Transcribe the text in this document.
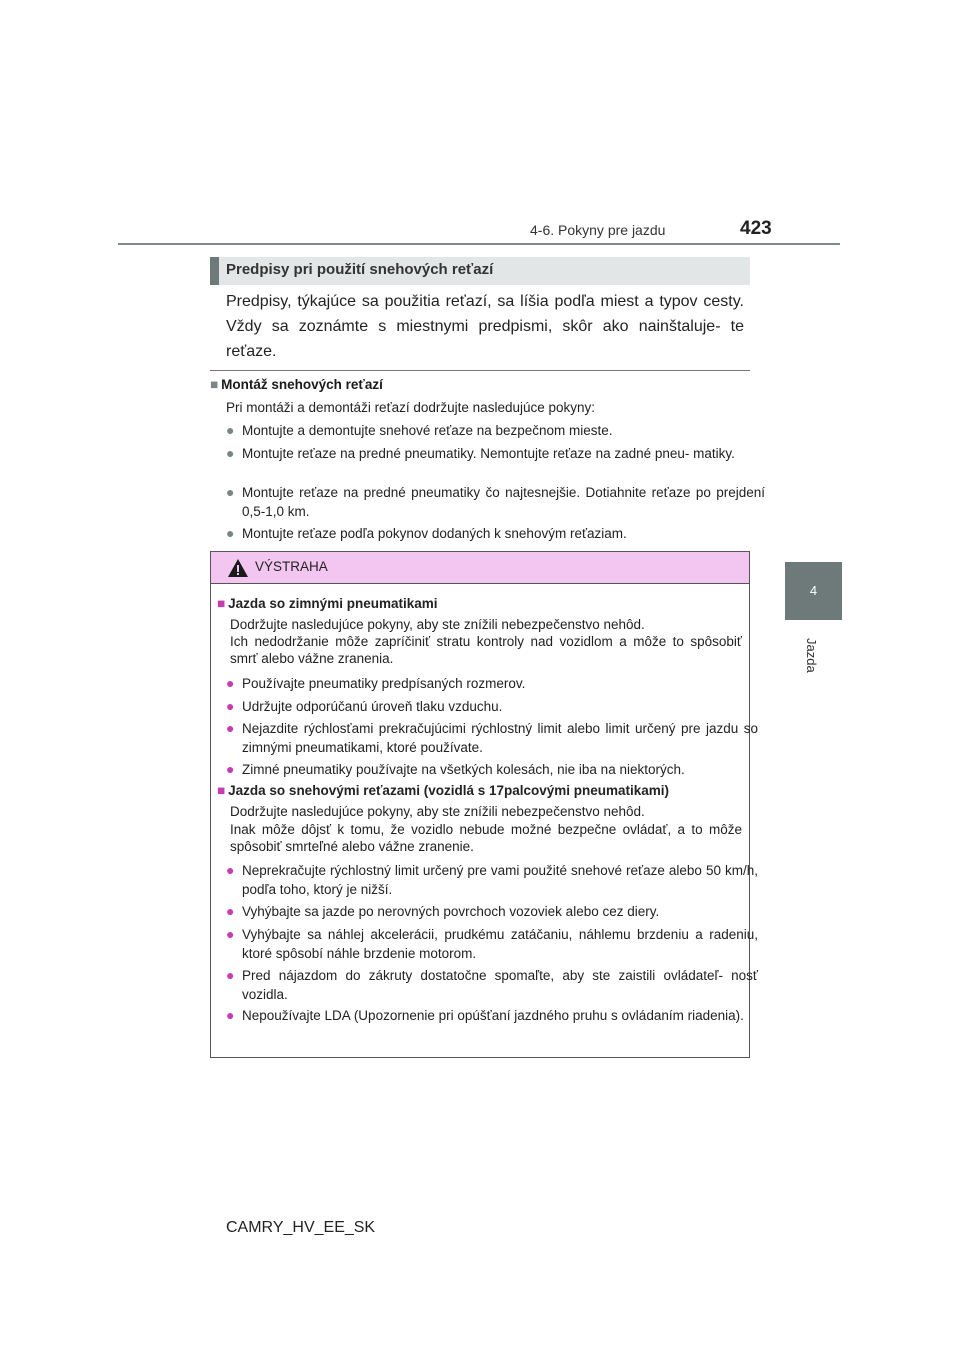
4-6. Pokyny pre jazdu	423
4
Jazda
Predpisy pri použití snehových reťazí
Predpisy, týkajúce sa použitia reťazí, sa líšia podľa miest a typov cesty. Vždy sa zoznámte s miestnymi predpismi, skôr ako nainštaluje- te reťaze.
■ Montáž snehových reťazí
Pri montáži a demontáži reťazí dodržujte nasledujúce pokyny:
● Montujte a demontujte snehové reťaze na bezpečnom mieste.
● Montujte reťaze na predné pneumatiky. Nemontujte reťaze na zadné pneu- matiky.
● Montujte reťaze na predné pneumatiky čo najtesnejšie. Dotiahnite reťaze po prejdení 0,5-1,0 km.
● Montujte reťaze podľa pokynov dodaných k snehovým reťaziam.
VÝSTRAHA
■ Jazda so zimnými pneumatikami
Dodržujte nasledujúce pokyny, aby ste znížili nebezpečenstvo nehôd.
Ich nedodržanie môže zapríčiniť stratu kontroly nad vozidlom a môže to spôsobiť smrť alebo vážne zranenia.
● Používajte pneumatiky predpísaných rozmerov.
● Udržujte odporúčanú úroveň tlaku vzduchu.
● Nejazdite rýchlosťami prekračujúcimi rýchlostný limit alebo limit určený pre jazdu so zimnými pneumatikami, ktoré používate.
● Zimné pneumatiky používajte na všetkých kolesách, nie iba na niektorých.
■ Jazda so snehovými reťazami (vozidlá s 17palcovými pneumatikami)
Dodržujte nasledujúce pokyny, aby ste znížili nebezpečenstvo nehôd.
Inak môže dôjsť k tomu, že vozidlo nebude možné bezpečne ovládať, a to môže spôsobiť smrteľné alebo vážne zranenie.
● Neprekračujte rýchlostný limit určený pre vami použité snehové reťaze alebo 50 km/h, podľa toho, ktorý je nižší.
● Vyhýbajte sa jazde po nerovných povrchoch vozoviek alebo cez diery.
● Vyhýbajte sa náhlej akcelerácii, prudkému zatáčaniu, náhlemu brzdeniu a radeniu, ktoré spôsobí náhle brzdenie motorom.
● Pred nájazdom do zákruty dostatočne spomaľte, aby ste zaistili ovládateľ- nosť vozidla.
● Nepoužívajte LDA (Upozornenie pri opúšťaní jazdného pruhu s ovládaním riadenia).
CAMRY_HV_EE_SK
